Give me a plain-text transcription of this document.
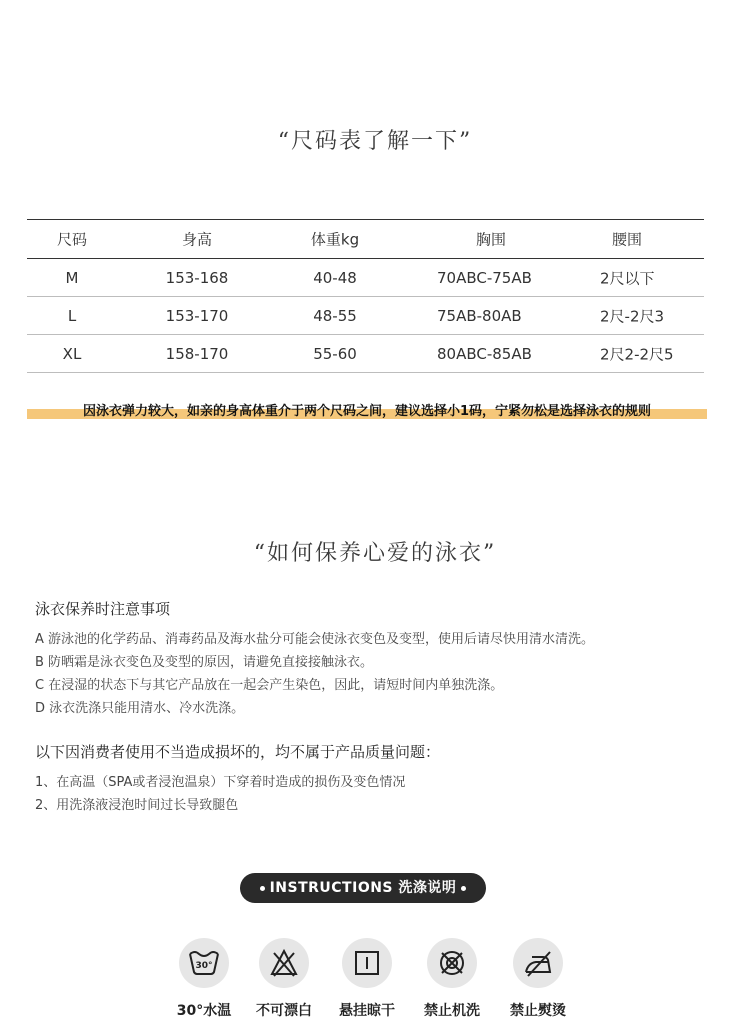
“尺码表了解一下”
尺码	身高	体重kg	胸围	腰围
M	153-168	40-48	70ABC-75AB	2尺以下
L	153-170	48-55	75AB-80AB	2尺-2尺3
XL	158-170	55-60	80ABC-85AB	2尺2-2尺5
因泳衣弹力较大，如亲的身高体重介于两个尺码之间，建议选择小1码，宁紧勿松是选择泳衣的规则
“如何保养心爱的泳衣”
泳衣保养时注意事项
A 游泳池的化学药品、消毒药品及海水盐分可能会使泳衣变色及变型，使用后请尽快用清水清洗。
B 防晒霜是泳衣变色及变型的原因，请避免直接接触泳衣。
C 在浸湿的状态下与其它产品放在一起会产生染色，因此，请短时间内单独洗涤。
D 泳衣洗涤只能用清水、冷水洗涤。
以下因消费者使用不当造成损坏的，均不属于产品质量问题：
1、在高温（SPA或者浸泡温泉）下穿着时造成的损伤及变色情况
2、用洗涤液浸泡时间过长导致腿色
INSTRUCTIONS 洗涤说明
30°
30°水温	不可漂白	悬挂晾干	禁止机洗	禁止熨烫
